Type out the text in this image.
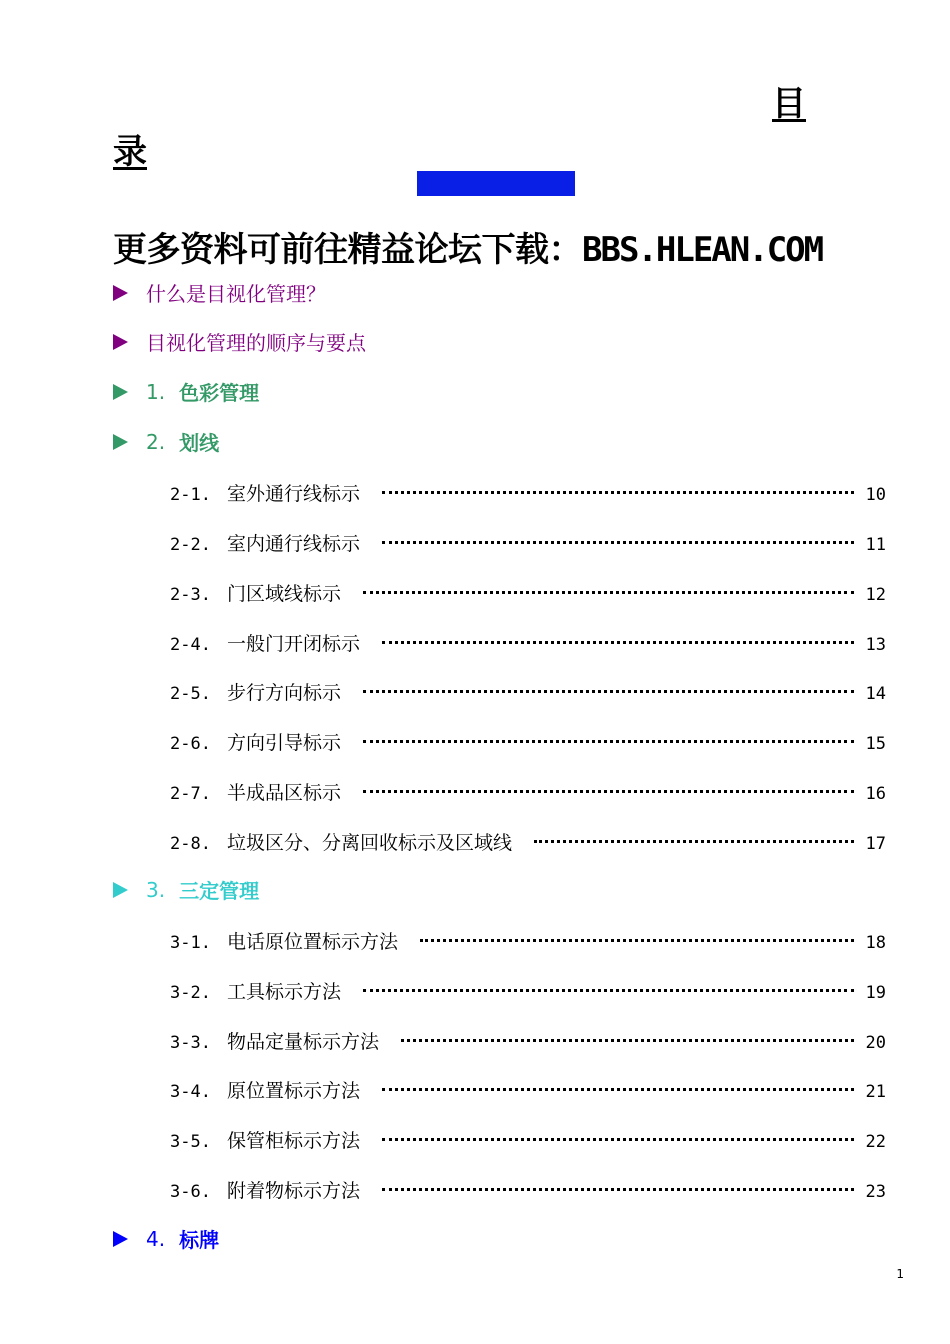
目
录
更多资料可前往精益论坛下载：BBS.HLEAN.COM
什么是目视化管理？
目视化管理的顺序与要点
1. 色彩管理
2. 划线
3. 三定管理
4. 标牌
2-1. 室外通行线标示	10
2-2. 室内通行线标示	11
2-3. 门区域线标示	12
2-4. 一般门开闭标示	13
2-5. 步行方向标示	14
2-6. 方向引导标示	15
2-7. 半成品区标示	16
2-8. 垃圾区分、分离回收标示及区域线	17
3-1. 电话原位置标示方法	18
3-2. 工具标示方法	19
3-3. 物品定量标示方法	20
3-4. 原位置标示方法	21
3-5. 保管柜标示方法	22
3-6. 附着物标示方法	23
1
